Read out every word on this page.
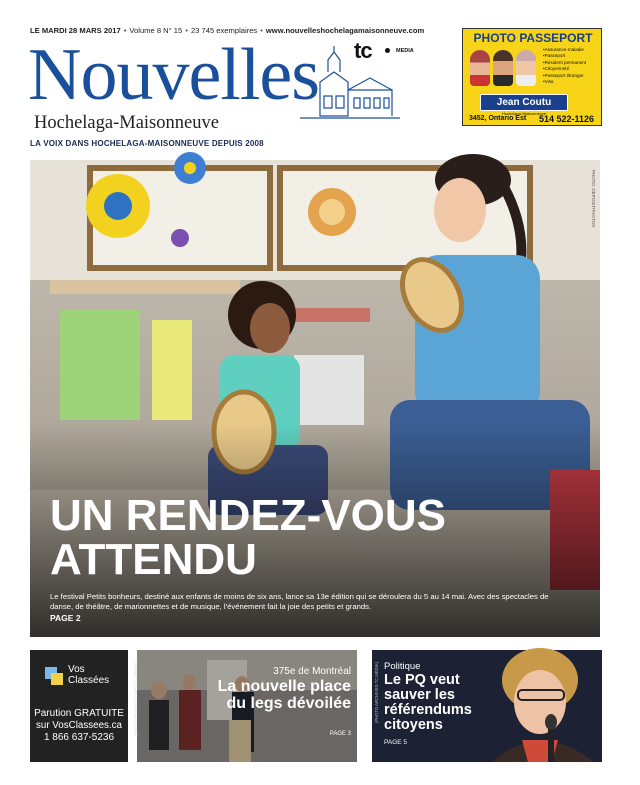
LE MARDI 28 MARS 2017 • Volume 8 N° 15 • 23 745 exemplaires • www.nouvelleshochelagamaisonneuve.com
Nouvelles
Hochelaga-Maisonneuve
tc	MEDIA
LA VOIX DANS HOCHELAGA-MAISONNEUVE DEPUIS 2008
PHOTO PASSEPORT
• Assurance-maladie
• Passeport
• Résident permanent
• Citoyenneté
• Passeport étranger
• Visa
Jean Coutu
Hochelaga-Maisonneuve
3452, Ontario Est 514 522-1126
PHOTO: DEPOSITPHOTOS
UN RENDEZ-VOUS
ATTENDU
Le festival Petits bonheurs, destiné aux enfants de moins de six ans, lance sa 13e édition qui se déroulera du 5 au 14 mai. Avec des spectacles de danse, de théâtre, de marionnettes et de musique, l'événement fait la joie des petits et grands.
PAGE 2
Vos Classées
Parution GRATUITE
sur VosClassees.ca
1 866 637-5236
(PHOTO ARNAUD STOPA / TC MÉDIA)	375e de Montréal
La nouvelle place du legs dévoilée
PAGE 3
(PHOTO ARCHIVES TC MÉDIA) Politique
Le PQ veut sauver les référendums citoyens
PAGE 5
